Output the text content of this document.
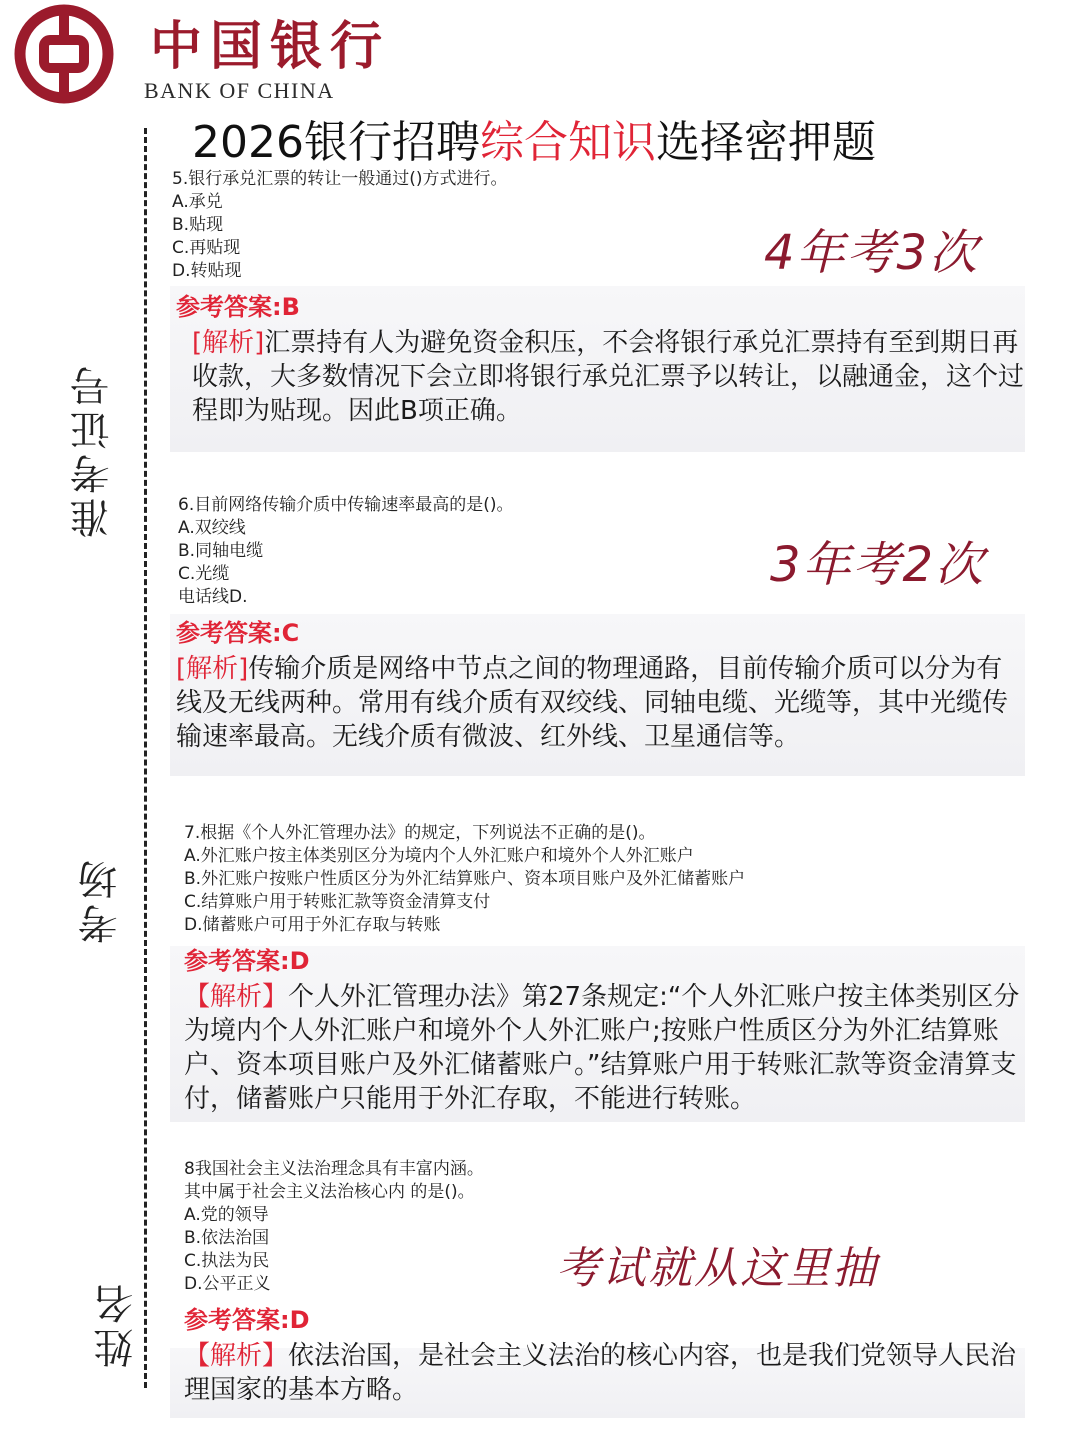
中国银行
BANK OF CHINA
2026银行招聘综合知识选择密押题
准考证号
考场
姓名
5.银行承兑汇票的转让一般通过()方式进行。
A.承兑
B.贴现
C.再贴现
D.转贴现
参考答案:B
[解析]汇票持有人为避免资金积压，不会将银行承兑汇票持有至到期日再收款，大多数情况下会立即将银行承兑汇票予以转让，以融通金，这个过程即为贴现。因此B项正确。
4年考3次
6.目前网络传输介质中传输速率最高的是()。
A.双绞线
B.同轴电缆
C.光缆
电话线D.
参考答案:C
[解析]传输介质是网络中节点之间的物理通路，目前传输介质可以分为有线及无线两种。常用有线介质有双绞线、同轴电缆、光缆等，其中光缆传输速率最高。无线介质有微波、红外线、卫星通信等。
3年考2次
7.根据《个人外汇管理办法》的规定，下列说法不正确的是()。
A.外汇账户按主体类别区分为境内个人外汇账户和境外个人外汇账户
B.外汇账户按账户性质区分为外汇结算账户、资本项目账户及外汇储蓄账户
C.结算账户用于转账汇款等资金清算支付
D.储蓄账户可用于外汇存取与转账
参考答案:D
【解析】个人外汇管理办法》第27条规定:“个人外汇账户按主体类别区分为境内个人外汇账户和境外个人外汇账户;按账户性质区分为外汇结算账户、资本项目账户及外汇储蓄账户。”结算账户用于转账汇款等资金清算支付，储蓄账户只能用于外汇存取，不能进行转账。
8我国社会主义法治理念具有丰富内涵。
其中属于社会主义法治核心内 的是()。
A.党的领导
B.依法治国
C.执法为民
D.公平正义
参考答案:D
【解析】依法治国，是社会主义法治的核心内容，也是我们党领导人民治理国家的基本方略。
考试就从这里抽
